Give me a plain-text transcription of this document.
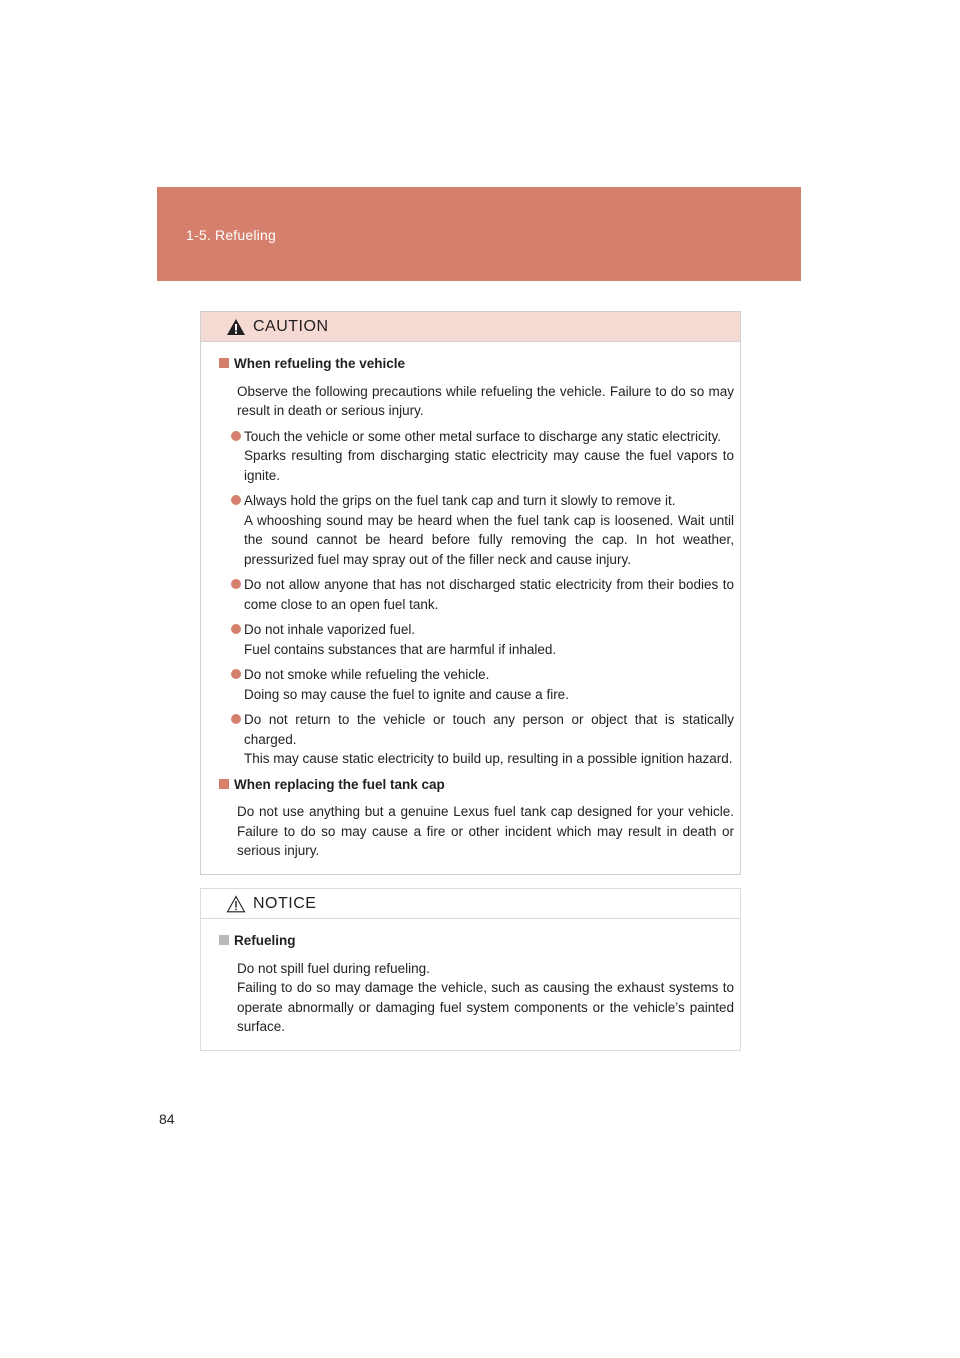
1-5. Refueling
CAUTION
When refueling the vehicle
Observe the following precautions while refueling the vehicle. Failure to do so may result in death or serious injury.
Touch the vehicle or some other metal surface to discharge any static electricity.
Sparks resulting from discharging static electricity may cause the fuel vapors to ignite.
Always hold the grips on the fuel tank cap and turn it slowly to remove it.
A whooshing sound may be heard when the fuel tank cap is loosened. Wait until the sound cannot be heard before fully removing the cap. In hot weather, pressurized fuel may spray out of the filler neck and cause injury.
Do not allow anyone that has not discharged static electricity from their bodies to come close to an open fuel tank.
Do not inhale vaporized fuel.
Fuel contains substances that are harmful if inhaled.
Do not smoke while refueling the vehicle.
Doing so may cause the fuel to ignite and cause a fire.
Do not return to the vehicle or touch any person or object that is statically charged.
This may cause static electricity to build up, resulting in a possible ignition hazard.
When replacing the fuel tank cap
Do not use anything but a genuine Lexus fuel tank cap designed for your vehicle. Failure to do so may cause a fire or other incident which may result in death or serious injury.
NOTICE
Refueling
Do not spill fuel during refueling.
Failing to do so may damage the vehicle, such as causing the exhaust systems to operate abnormally or damaging fuel system components or the vehicle’s painted surface.
84
